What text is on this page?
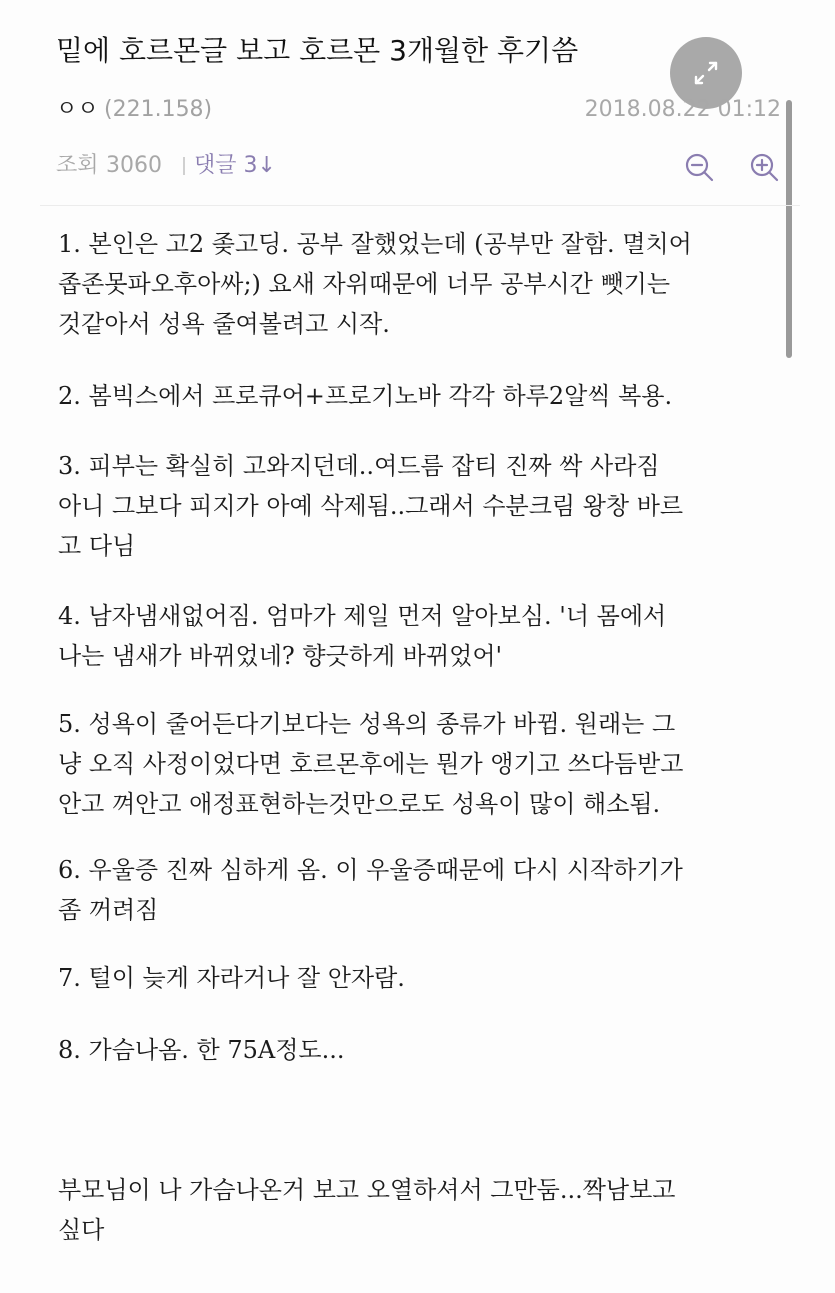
밑에 호르몬글 보고 호르몬 3개월한 후기씀
ㅇㅇ (221.158)	2018.08.22 01:12
조회 3060 댓글 3↓
1. 본인은 고2 좆고딩. 공부 잘했었는데 (공부만 잘함. 멸치어
좁존못파오후아싸;) 요새 자위때문에 너무 공부시간 뺏기는
것같아서 성욕 줄여볼려고 시작.
2. 봄빅스에서 프로큐어+프로기노바 각각 하루2알씩 복용.
3. 피부는 확실히 고와지던데..여드름 잡티 진짜 싹 사라짐
아니 그보다 피지가 아예 삭제됨..그래서 수분크림 왕창 바르
고 다님
4. 남자냄새없어짐. 엄마가 제일 먼저 알아보심. '너 몸에서
나는 냄새가 바뀌었네? 향긋하게 바뀌었어'
5. 성욕이 줄어든다기보다는 성욕의 종류가 바뀜. 원래는 그
냥 오직 사정이었다면 호르몬후에는 뭔가 앵기고 쓰다듬받고
안고 껴안고 애정표현하는것만으로도 성욕이 많이 해소됨.
6. 우울증 진짜 심하게 옴. 이 우울증때문에 다시 시작하기가
좀 꺼려짐
7. 털이 늦게 자라거나 잘 안자람.
8. 가슴나옴. 한 75A정도...
부모님이 나 가슴나온거 보고 오열하셔서 그만둠...짝남보고
싶다
